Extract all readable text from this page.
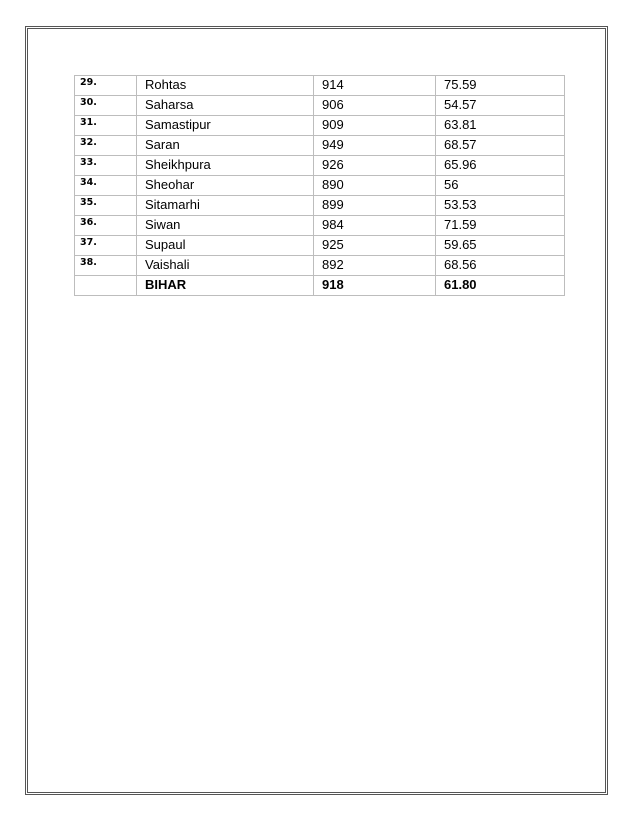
29.	Rohtas	914	75.59
30.	Saharsa	906	54.57
31.	Samastipur	909	63.81
32.	Saran	949	68.57
33.	Sheikhpura	926	65.96
34.	Sheohar	890	56
35.	Sitamarhi	899	53.53
36.	Siwan	984	71.59
37.	Supaul	925	59.65
38.	Vaishali	892	68.56
	BIHAR	918	61.80
